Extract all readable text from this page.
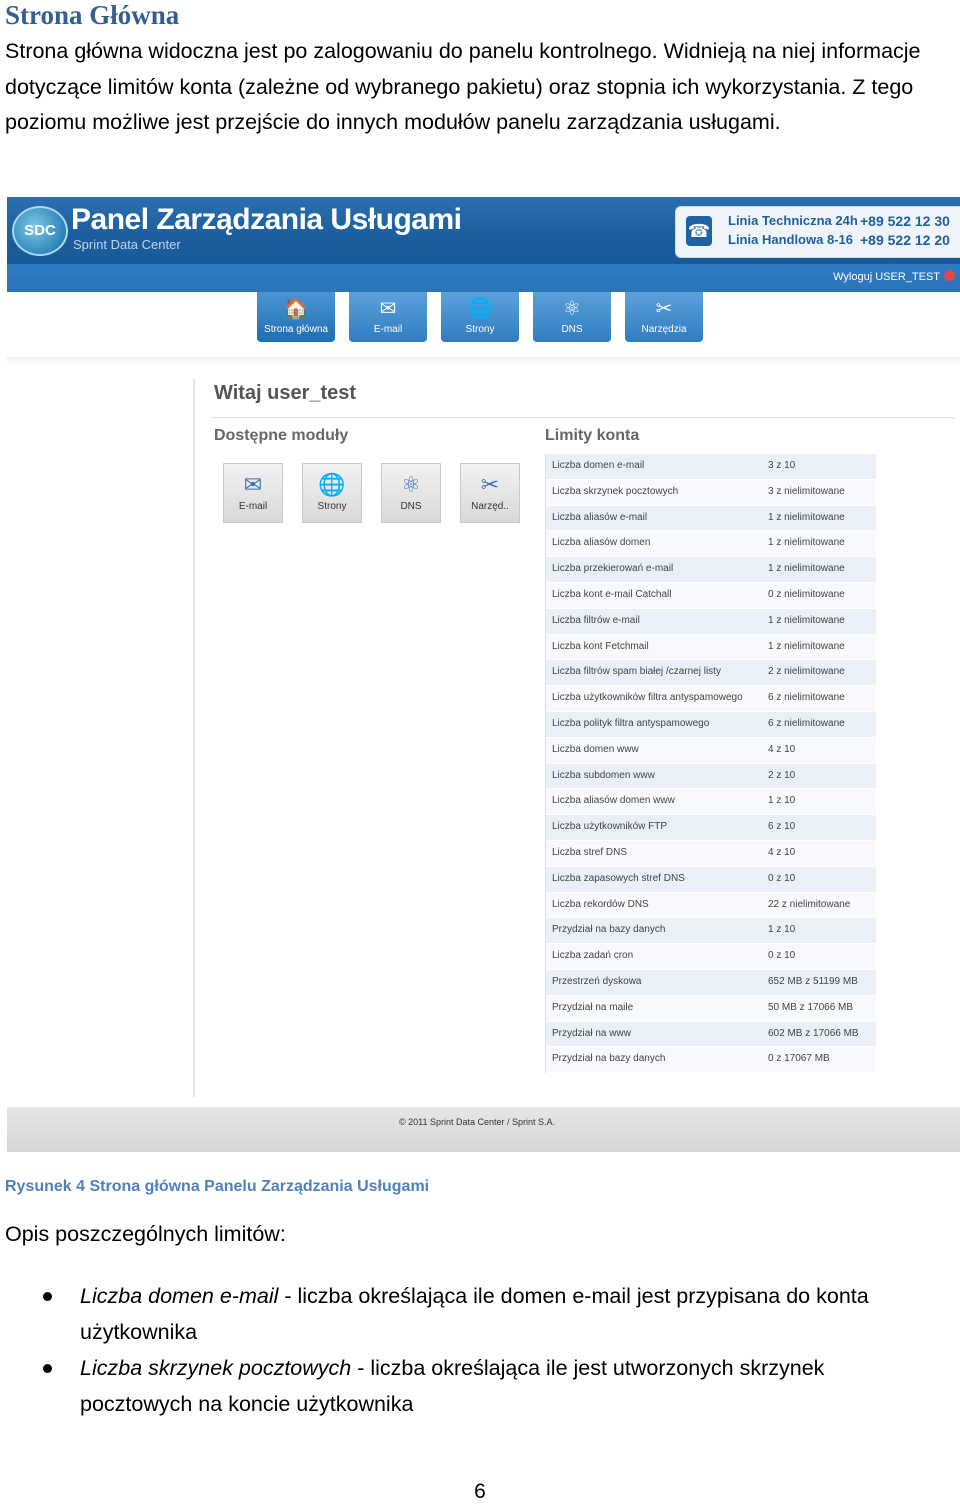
Strona Główna

Strona główna widoczna jest po zalogowaniu do panelu kontrolnego. Widnieją na niej informacje dotyczące limitów konta (zależne od wybranego pakietu) oraz stopnia ich wykorzystania. Z tego poziomu możliwe jest przejście do innych modułów panelu zarządzania usługami.

SDC Panel Zarządzania Usługami
Sprint Data Center
☎
Linia Techniczna 24h +89 522 12 30
Linia Handlowa 8-16 +89 522 12 20
Wyloguj USER_TEST
🏠
Strona główna
✉
E-mail
🌐
Strony
⚛
DNS
✂
Narzędzia
Witaj user_test
Dostępne moduły	Limity konta
✉
E-mail
🌐
Strony
⚛
DNS
✂
Narzęd..
Liczba domen e-mail	3 z 10
Liczba skrzynek pocztowych	3 z nielimitowane
Liczba aliasów e-mail	1 z nielimitowane
Liczba aliasów domen	1 z nielimitowane
Liczba przekierowań e-mail	1 z nielimitowane
Liczba kont e-mail Catchall	0 z nielimitowane
Liczba filtrów e-mail	1 z nielimitowane
Liczba kont Fetchmail	1 z nielimitowane
Liczba filtrów spam białej /czarnej listy	2 z nielimitowane
Liczba użytkowników filtra antyspamowego	6 z nielimitowane
Liczba polityk filtra antyspamowego	6 z nielimitowane
Liczba domen www	4 z 10
Liczba subdomen www	2 z 10
Liczba aliasów domen www	1 z 10
Liczba użytkowników FTP	6 z 10
Liczba stref DNS	4 z 10
Liczba zapasowych stref DNS	0 z 10
Liczba rekordów DNS	22 z nielimitowane
Przydział na bazy danych	1 z 10
Liczba zadań cron	0 z 10
Przestrzeń dyskowa	652 MB z 51199 MB
Przydział na maile	50 MB z 17066 MB
Przydział na www	602 MB z 17066 MB
Przydział na bazy danych	0 z 17067 MB
© 2011 Sprint Data Center / Sprint S.A.
Rysunek 4 Strona główna Panelu Zarządzania Usługami
Opis poszczególnych limitów:
Liczba domen e-mail - liczba określająca ile domen e-mail jest przypisana do konta użytkownika
Liczba skrzynek pocztowych - liczba określająca ile jest utworzonych skrzynek pocztowych na koncie użytkownika
6
